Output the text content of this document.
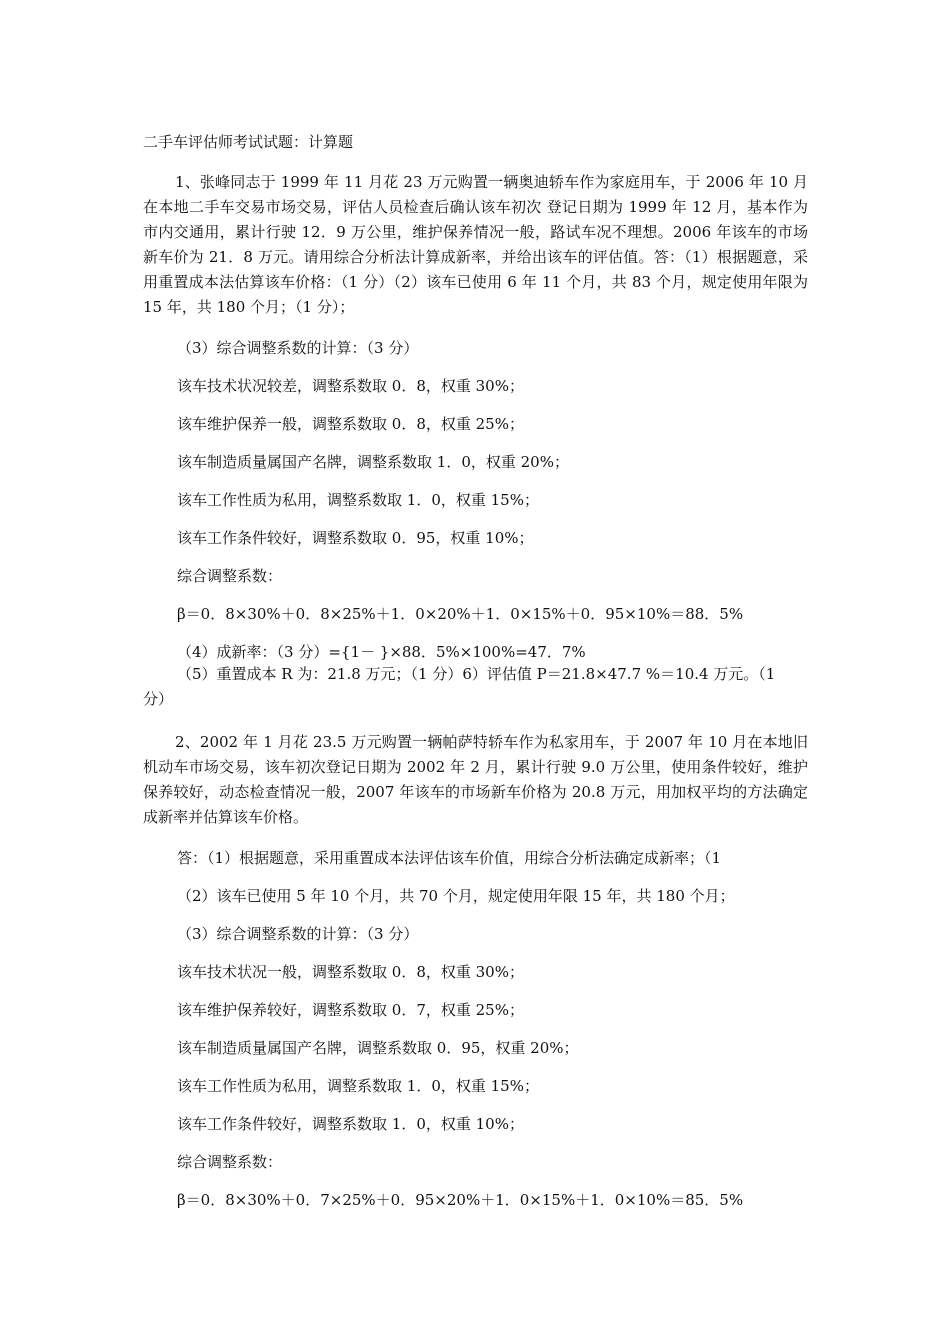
二手车评估师考试试题：计算题

1、张峰同志于 1999 年 11 月花 23 万元购置一辆奥迪轿车作为家庭用车，于 2006 年 10 月在本地二手车交易市场交易，评估人员检查后确认该车初次 登记日期为 1999 年 12 月，基本作为市内交通用，累计行驶 12．9 万公里，维护保养情况一般，路试车况不理想。2006 年该车的市场新车价为 21．8 万元。请用综合分析法计算成新率，并给出该车的评估值。答：（1）根据题意，采用重置成本法估算该车价格：（1 分）（2）该车已使用 6 年 11 个月，共 83 个月，规定使用年限为 15 年，共 180 个月；（1 分）；

（3）综合调整系数的计算：（3 分）

该车技术状况较差，调整系数取 0．8，权重 30%；

该车维护保养一般，调整系数取 0．8，权重 25%；

该车制造质量属国产名牌，调整系数取 1．0，权重 20%；

该车工作性质为私用，调整系数取 1．0，权重 15%；

该车工作条件较好，调整系数取 0．95，权重 10%；

综合调整系数：

β＝0．8×30%＋0．8×25%＋1．0×20%＋1．0×15%＋0．95×10%＝88．5%

（4）成新率：（3 分）={1－ }×88．5%×100%=47．7%

（5）重置成本 R 为：21.8 万元；（1 分）6）评估值 P＝21.8×47.7 %＝10.4 万元。（1
分）

2、2002 年 1 月花 23.5 万元购置一辆帕萨特轿车作为私家用车，于 2007 年 10 月在本地旧机动车市场交易，该车初次登记日期为 2002 年 2 月，累计行驶 9.0 万公里，使用条件较好，维护保养较好，动态检查情况一般，2007 年该车的市场新车价格为 20.8 万元，用加权平均的方法确定成新率并估算该车价格。

答：（1）根据题意，采用重置成本法评估该车价值，用综合分析法确定成新率；（1

（2）该车已使用 5 年 10 个月，共 70 个月，规定使用年限 15 年，共 180 个月；

（3）综合调整系数的计算：（3 分）

该车技术状况一般，调整系数取 0．8，权重 30%；

该车维护保养较好，调整系数取 0．7，权重 25%；

该车制造质量属国产名牌，调整系数取 0．95，权重 20%；

该车工作性质为私用，调整系数取 1．0，权重 15%；

该车工作条件较好，调整系数取 1．0，权重 10%；

综合调整系数：

β＝0．8×30%＋0．7×25%＋0．95×20%＋1．0×15%＋1．0×10%＝85．5%
